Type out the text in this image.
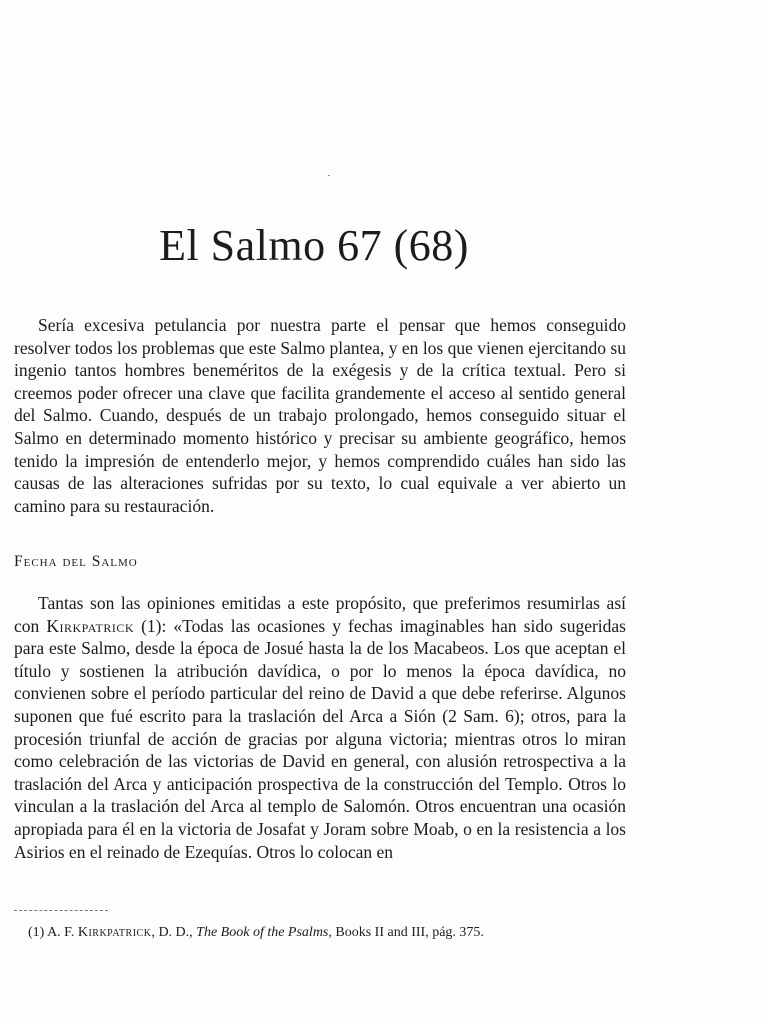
El Salmo 67 (68)

Sería excesiva petulancia por nuestra parte el pensar que hemos conseguido resolver todos los problemas que este Salmo plantea, y en los que vienen ejercitando su ingenio tantos hombres beneméritos de la exégesis y de la crítica textual. Pero si creemos poder ofrecer una clave que facilita grandemente el acceso al sentido general del Salmo. Cuando, después de un trabajo prolongado, hemos conseguido situar el Salmo en determinado momento histórico y precisar su ambiente geográfico, hemos tenido la impresión de entenderlo mejor, y hemos comprendido cuáles han sido las causas de las alteraciones sufridas por su texto, lo cual equivale a ver abierto un camino para su restauración.

Fecha del Salmo

Tantas son las opiniones emitidas a este propósito, que preferimos resumirlas así con Kirkpatrick (1): «Todas las ocasiones y fechas imaginables han sido sugeridas para este Salmo, desde la época de Josué hasta la de los Macabeos. Los que aceptan el título y sostienen la atribución davídica, o por lo menos la época davídica, no convienen sobre el período particular del reino de David a que debe referirse. Algunos suponen que fué escrito para la traslación del Arca a Sión (2 Sam. 6); otros, para la procesión triunfal de acción de gracias por alguna victoria; mientras otros lo miran como celebración de las victorias de David en general, con alusión retrospectiva a la traslación del Arca y anticipación prospectiva de la construcción del Templo. Otros lo vinculan a la traslación del Arca al templo de Salomón. Otros encuentran una ocasión apropiada para él en la victoria de Josafat y Joram sobre Moab, o en la resistencia a los Asirios en el reinado de Ezequías. Otros lo colocan en

(1) A. F. Kirkpatrick, D. D., The Book of the Psalms, Books II and III, pág. 375.
